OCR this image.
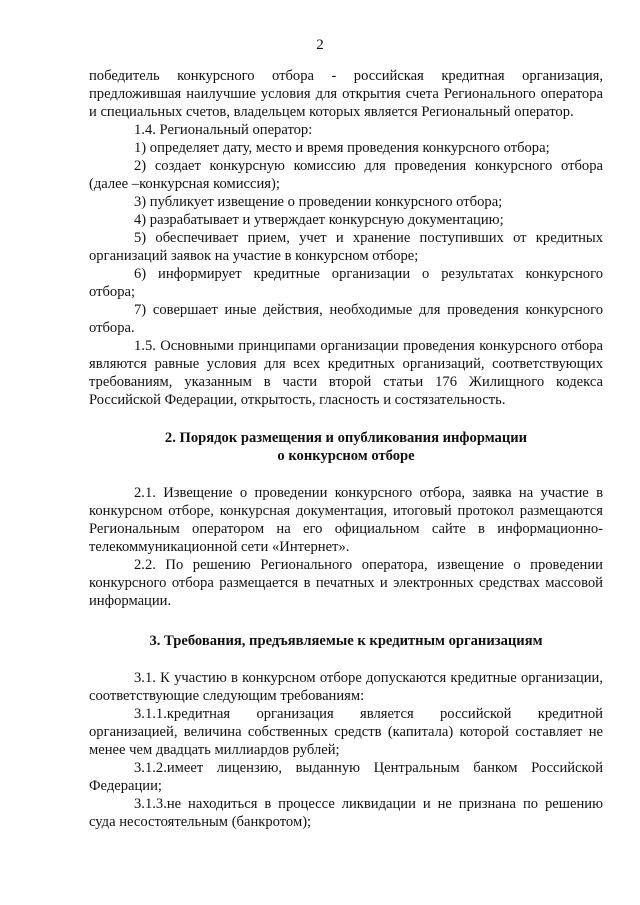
2

победитель конкурсного отбора - российская кредитная организация, предложившая наилучшие условия для открытия счета Регионального оператора и специальных счетов, владельцем которых является Региональный оператор.

1.4. Региональный оператор:

1) определяет дату, место и время проведения конкурсного отбора;

2) создает конкурсную комиссию для проведения конкурсного отбора (далее –конкурсная комиссия);

3) публикует извещение о проведении конкурсного отбора;

4) разрабатывает и утверждает конкурсную документацию;

5) обеспечивает прием, учет и хранение поступивших от кредитных организаций заявок на участие в конкурсном отборе;

6) информирует кредитные организации о результатах конкурсного отбора;

7) совершает иные действия, необходимые для проведения конкурсного отбора.

1.5. Основными принципами организации проведения конкурсного отбора являются равные условия для всех кредитных организаций, соответствующих требованиям, указанным в части второй статьи 176 Жилищного кодекса Российской Федерации, открытость, гласность и состязательность.

2. Порядок размещения и опубликования информации
о конкурсном отборе

2.1. Извещение о проведении конкурсного отбора, заявка на участие в конкурсном отборе, конкурсная документация, итоговый протокол размещаются Региональным оператором на его официальном сайте в информационно-телекоммуникационной сети «Интернет».

2.2. По решению Регионального оператора, извещение о проведении конкурсного отбора размещается в печатных и электронных средствах массовой информации.

3. Требования, предъявляемые к кредитным организациям

3.1. К участию в конкурсном отборе допускаются кредитные организации, соответствующие следующим требованиям:

3.1.1.кредитная организация является российской кредитной организацией, величина собственных средств (капитала) которой составляет не менее чем двадцать миллиардов рублей;

3.1.2.имеет лицензию, выданную Центральным банком Российской Федерации;

3.1.3.не находиться в процессе ликвидации и не признана по решению суда несостоятельным (банкротом);
